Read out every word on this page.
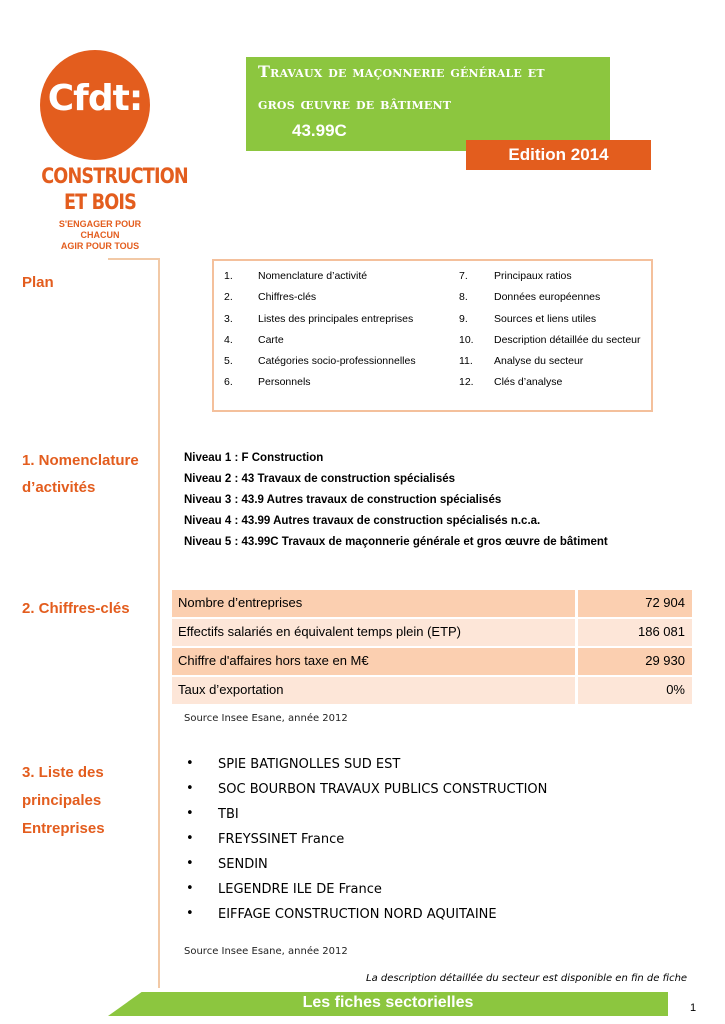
Cfdt:
CONSTRUCTION
ET BOIS
S'ENGAGER POUR CHACUN
AGIR POUR TOUS
Travaux de maçonnerie générale et
gros œuvre de bâtiment
43.99C
Edition 2014
Plan
1. Nomenclature
d’activités
2. Chiffres-clés
3. Liste des
principales
Entreprises
1. Nomenclature d’activité
2. Chiffres-clés
3. Listes des principales entreprises
4. Carte
5. Catégories socio-professionnelles
6. Personnels
7. Principaux ratios
8. Données européennes
9. Sources et liens utiles
10. Description détaillée du secteur
11. Analyse du secteur
12. Clés d’analyse
Niveau 1 : F Construction
Niveau 2 : 43 Travaux de construction spécialisés
Niveau 3 : 43.9 Autres travaux de construction spécialisés
Niveau 4 : 43.99 Autres travaux de construction spécialisés n.c.a.
Niveau 5 : 43.99C Travaux de maçonnerie générale et gros œuvre de bâtiment
Nombre d’entreprises	72 904
Effectifs salariés en équivalent temps plein (ETP)	186 081
Chiffre d'affaires hors taxe en M€	29 930
Taux d’exportation	0%
Source Insee Esane, année 2012
• SPIE BATIGNOLLES SUD EST
• SOC BOURBON TRAVAUX PUBLICS CONSTRUCTION
• TBI
• FREYSSINET France
• SENDIN
• LEGENDRE ILE DE France
• EIFFAGE CONSTRUCTION NORD AQUITAINE
Source Insee Esane, année 2012
La description détaillée du secteur est disponible en fin de fiche
Les fiches sectorielles	1
